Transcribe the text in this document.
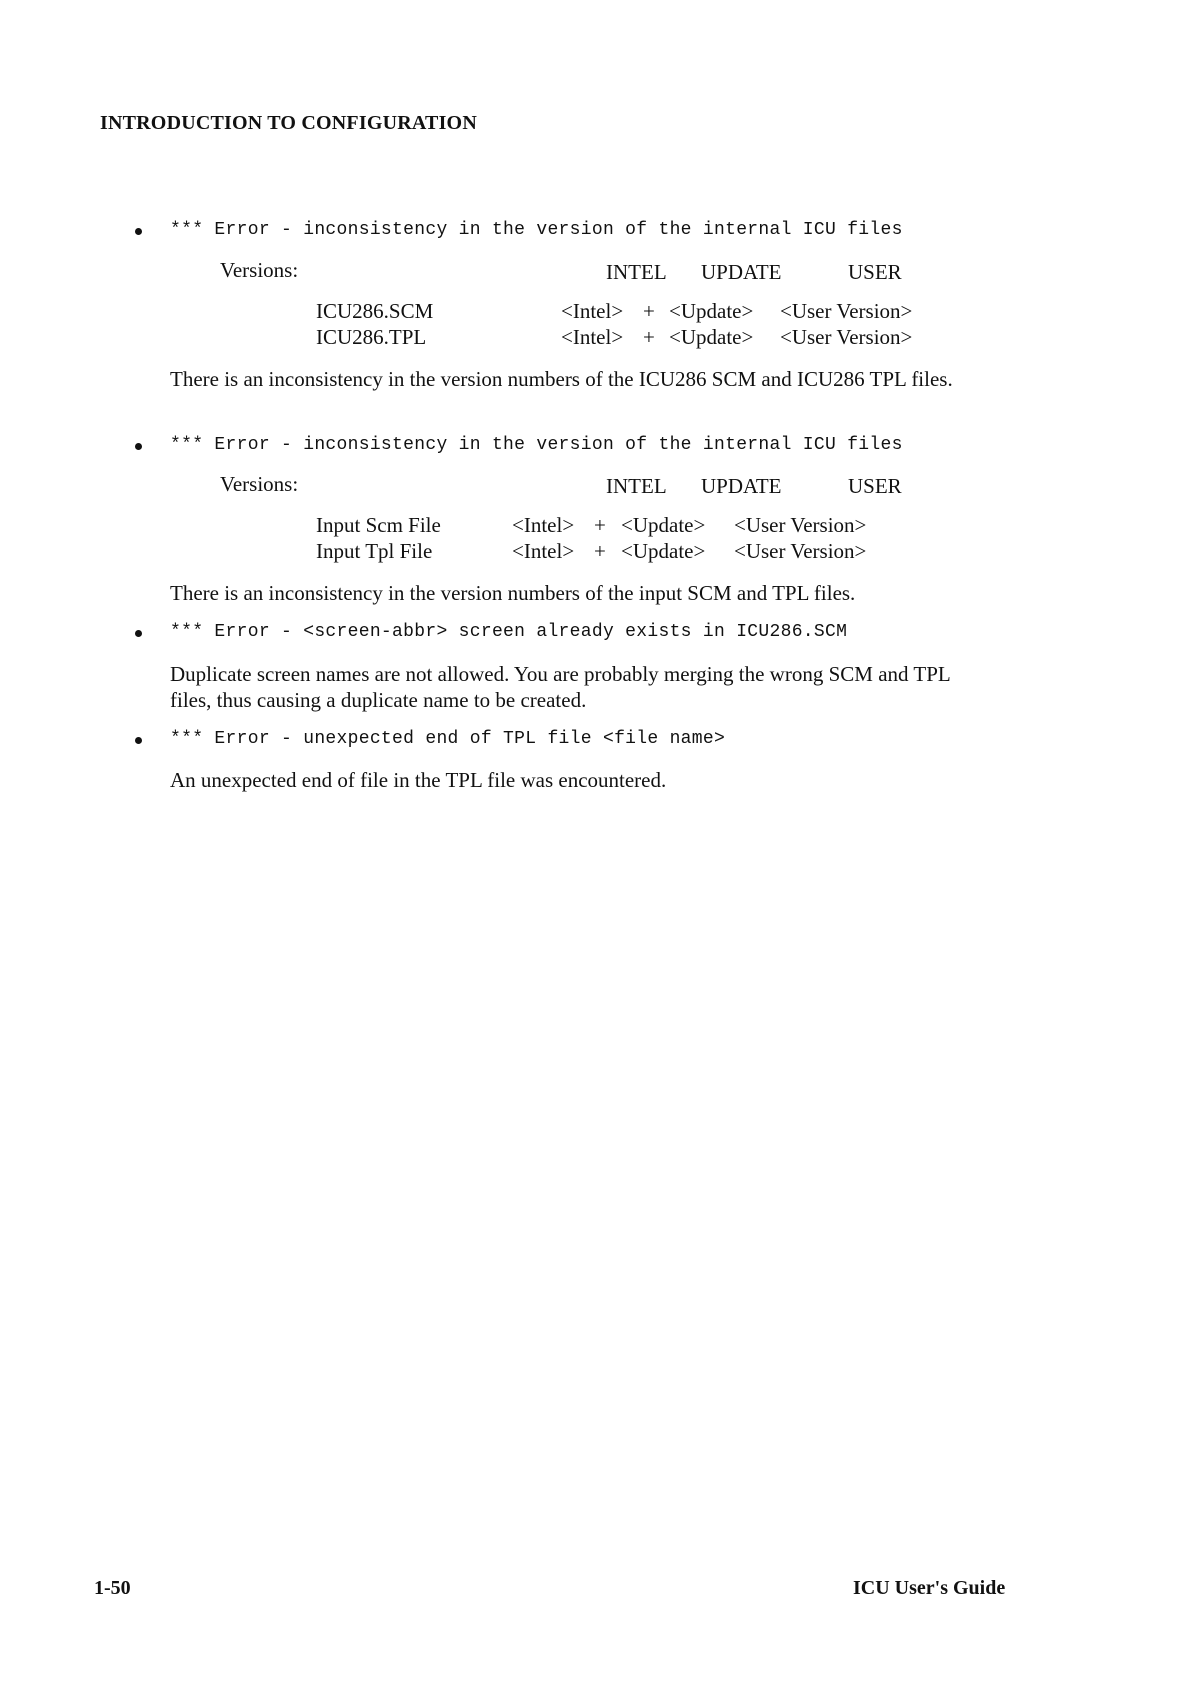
INTRODUCTION TO CONFIGURATION
*** Error - inconsistency in the version of the internal ICU files
Versions:	INTEL UPDATE	USER
ICU286.SCM	<Intel> + <Update> <User Version>
ICU286.TPL	<Intel> + <Update> <User Version>
There is an inconsistency in the version numbers of the ICU286 SCM and ICU286 TPL files.
*** Error - inconsistency in the version of the internal ICU files
Versions:	INTEL UPDATE	USER
Input Scm File	<Intel> + <Update> <User Version>
Input Tpl File	<Intel> + <Update> <User Version>
There is an inconsistency in the version numbers of the input SCM and TPL files.
*** Error - <screen-abbr> screen already exists in ICU286.SCM
Duplicate screen names are not allowed. You are probably merging the wrong SCM and TPL files, thus causing a duplicate name to be created.
*** Error - unexpected end of TPL file <file name>
An unexpected end of file in the TPL file was encountered.
1-50	ICU User's Guide
